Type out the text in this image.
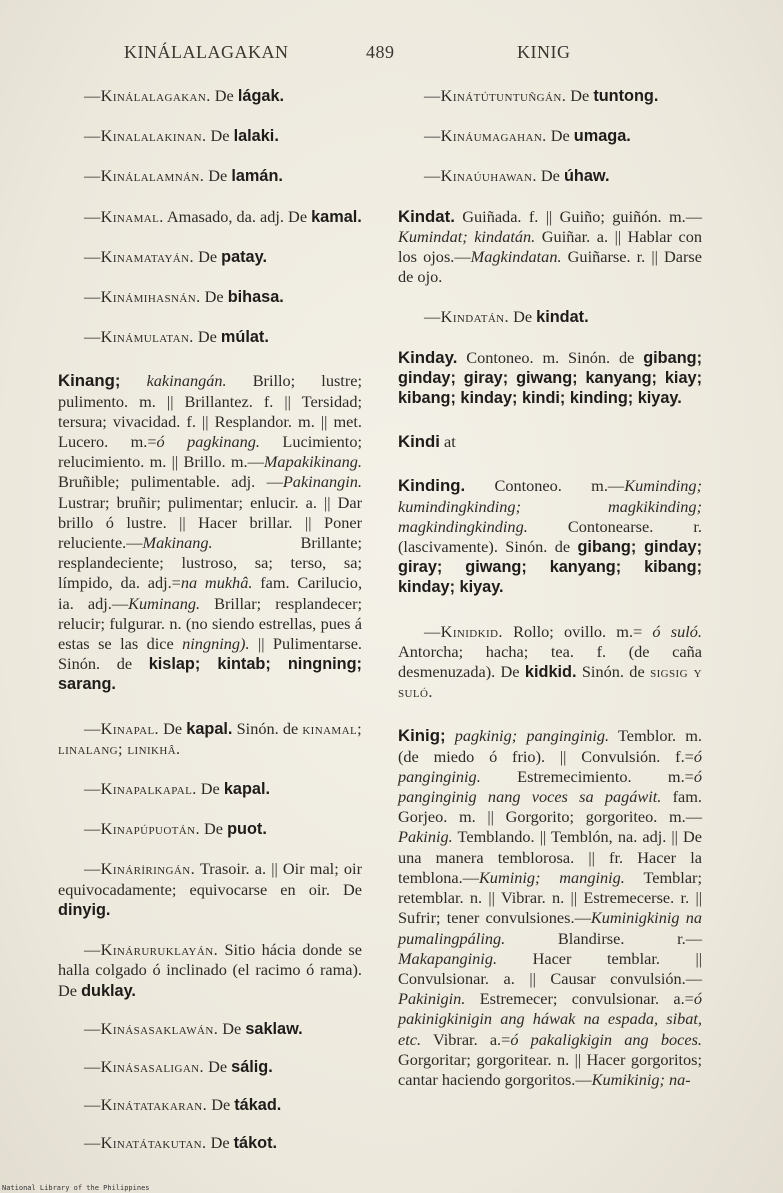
KINÁLALAGAKAN	489	KINIG

—Kinálalagakan. De lágak.

—Kinalalakinan. De lalaki.

—Kinálalamnán. De lamán.

—Kinamal. Amasado, da. adj. De kamal.

—Kinamatayán. De patay.

—Kinámihasnán. De bihasa.

—Kinámulatan. De múlat.

Kinang; kakinangán. Brillo; lustre; pulimento. m. || Brillantez. f. || Tersidad; tersura; vivacidad. f. || Resplandor. m. || met. Lucero. m.=ó pagkinang. Lucimiento; relucimiento. m. || Brillo. m.—Mapakikinang. Bruñible; pulimentable. adj. —Pakinangin. Lustrar; bruñir; pulimentar; enlucir. a. || Dar brillo ó lustre. || Hacer brillar. || Poner reluciente.—Makinang.	Brillante; resplandeciente; lustroso, sa; terso, sa; límpido, da. adj.=na mukhâ. fam. Carilucio, ia. adj.—Kuminang. Brillar; resplandecer; relucir; fulgurar. n. (no siendo estrellas, pues á estas se las dice ningning). || Pulimentarse. Sinón. de kislap; kintab; ningning; sarang.

—Kinapal. De kapal. Sinón. de kinamal; linalang; linikhâ.

—Kinapalkapal. De kapal.

—Kinapúpuotán. De puot.

—Kinári̇ringán. Trasoir. a. || Oir mal; oir equivocadamente; equivocarse en oir. De dinyig.

—Kináruruklayán. Sitio hácia donde se halla colgado ó inclinado (el racimo ó rama). De duklay.

—Kinásasaklawán. De saklaw.

—Kinásasaligan. De sálig.

—Kinátatakaran. De tákad.

—Kinatátakutan. De tákot.

—Kinátútuntuñgán. De tuntong.

—Kináumagahan. De umaga.

—Kinaúuhawan. De úhaw.

Kindat. Guiñada. f. || Guiño; guiñón. m.—Kumindat; kindatán. Guiñar. a. || Hablar con los ojos.—Magkindatan. Guiñarse. r. || Darse de ojo.

—Kindatán. De kindat.

Kinday. Contoneo. m. Sinón. de gibang; ginday; giray; giwang; kanyang; kiay; kibang; kinday; kindi; kinding; kiyay.

Kindi at

Kinding. Contoneo. m.—Kuminding; kumindingkinding; magkikinding; magkindingkinding. Contonearse. r. (lascivamente). Sinón. de gibang; ginday; giray; giwang; kanyang; kibang; kinday; kiyay.

—Kinidkid. Rollo; ovillo. m.= ó suló. Antorcha; hacha; tea. f. (de caña desmenuzada). De kidkid. Sinón. de sigsig y suló.

Kinig; pagkinig; panginginig. Temblor. m. (de miedo ó frio). || Convulsión. f.=ó panginginig. Estremecimiento. m.=ó panginginig nang voces sa pagáwit. fam. Gorjeo. m. || Gorgorito; gorgoriteo. m.—Pakinig. Temblando. || Temblón, na. adj. || De una manera temblorosa. || fr. Hacer la temblona.—Kuminig; manginig. Temblar; retemblar. n. || Vibrar. n. || Estremecerse. r. || Sufrir; tener convulsiones.—Kuminigkinig na pumalingpáling.	Blandirse. r.—Makapanginig. Hacer temblar. || Convulsionar. a. || Causar convulsión.—Pakinigin. Estremecer; convulsionar. a.=ó pakinigkinigin ang háwak na espada, sibat, etc. Vibrar. a.=ó pakaligkigin ang boces. Gorgoritar; gorgoritear. n. || Hacer gorgoritos; cantar haciendo gorgoritos.—Kumikinig; na-

National Library of the Philippines
